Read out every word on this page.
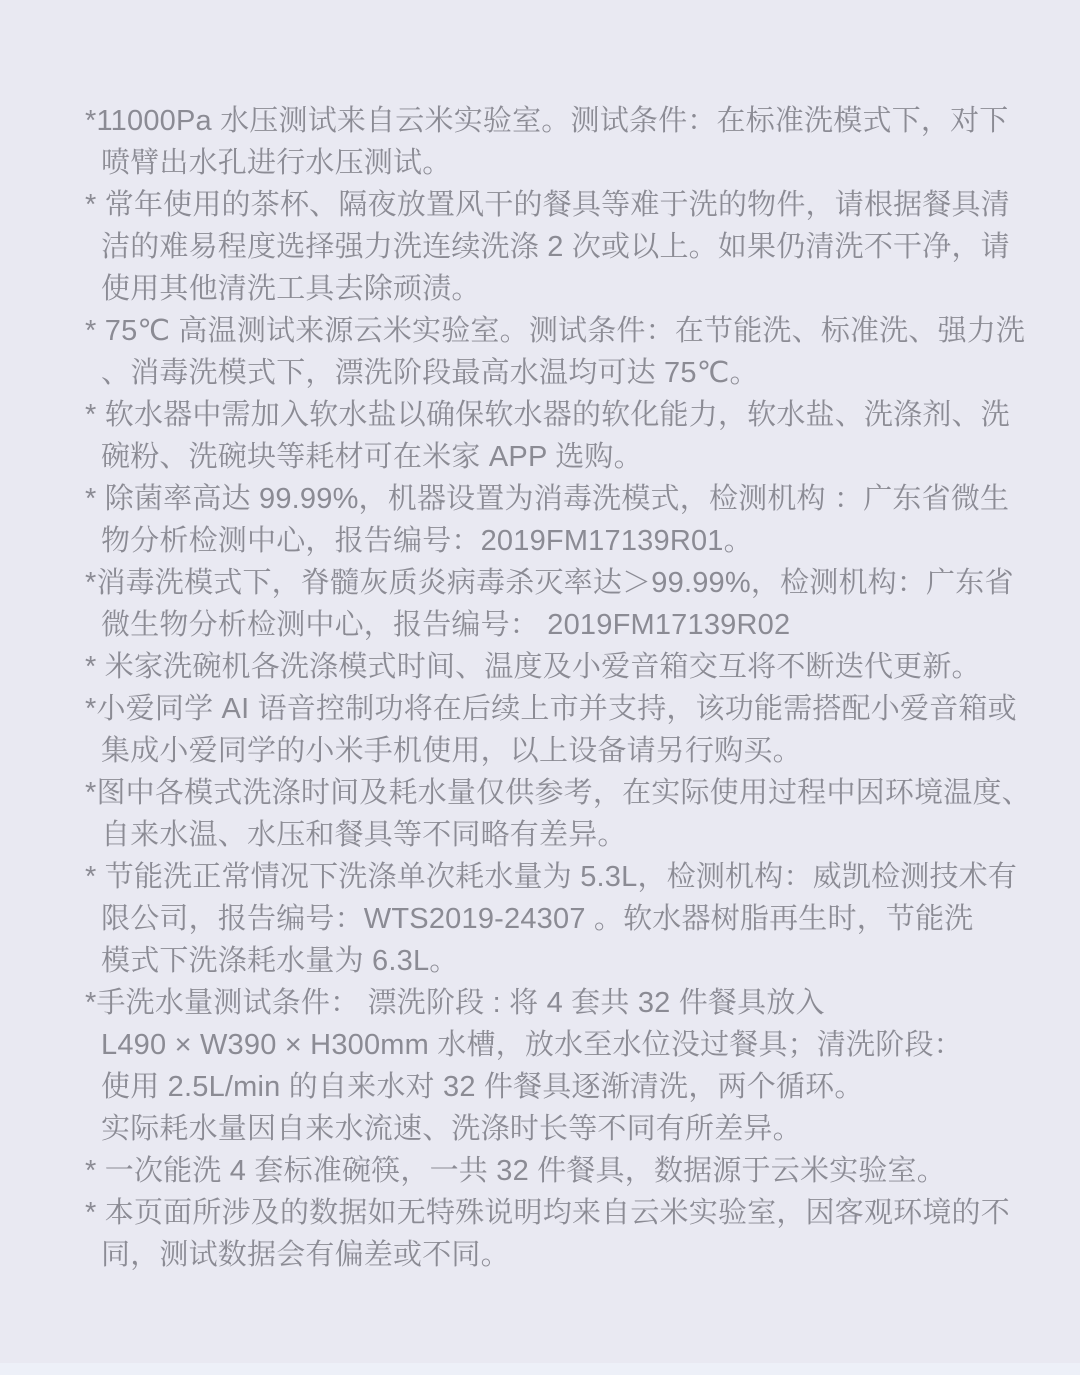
*11000Pa 水压测试来自云米实验室。测试条件：在标准洗模式下，对下
喷臂出水孔进行水压测试。
* 常年使用的茶杯、隔夜放置风干的餐具等难于洗的物件，请根据餐具清
洁的难易程度选择强力洗连续洗涤 2 次或以上。如果仍清洗不干净，请
使用其他清洗工具去除顽渍。
* 75℃ 高温测试来源云米实验室。测试条件：在节能洗、标准洗、强力洗
、消毒洗模式下，漂洗阶段最高水温均可达 75℃。
* 软水器中需加入软水盐以确保软水器的软化能力，软水盐、洗涤剂、洗
碗粉、洗碗块等耗材可在米家 APP 选购。
* 除菌率高达 99.99%，机器设置为消毒洗模式，检测机构 ：广东省微生
物分析检测中心，报告编号：2019FM17139R01。
*消毒洗模式下，脊髓灰质炎病毒杀灭率达＞99.99%，检测机构：广东省
微生物分析检测中心，报告编号： 2019FM17139R02
* 米家洗碗机各洗涤模式时间、温度及小爱音箱交互将不断迭代更新。
*小爱同学 AI 语音控制功将在后续上市并支持，该功能需搭配小爱音箱或
集成小爱同学的小米手机使用，以上设备请另行购买。
*图中各模式洗涤时间及耗水量仅供参考，在实际使用过程中因环境温度、
自来水温、水压和餐具等不同略有差异。
* 节能洗正常情况下洗涤单次耗水量为 5.3L，检测机构：威凯检测技术有
限公司，报告编号：WTS2019-24307 。软水器树脂再生时，节能洗
模式下洗涤耗水量为 6.3L。
*手洗水量测试条件： 漂洗阶段 : 将 4 套共 32 件餐具放入
L490 × W390 × H300mm 水槽，放水至水位没过餐具；清洗阶段：
使用 2.5L/min 的自来水对 32 件餐具逐渐清洗，两个循环。
实际耗水量因自来水流速、洗涤时长等不同有所差异。
* 一次能洗 4 套标准碗筷，一共 32 件餐具，数据源于云米实验室。
* 本页面所涉及的数据如无特殊说明均来自云米实验室，因客观环境的不
同，测试数据会有偏差或不同。
